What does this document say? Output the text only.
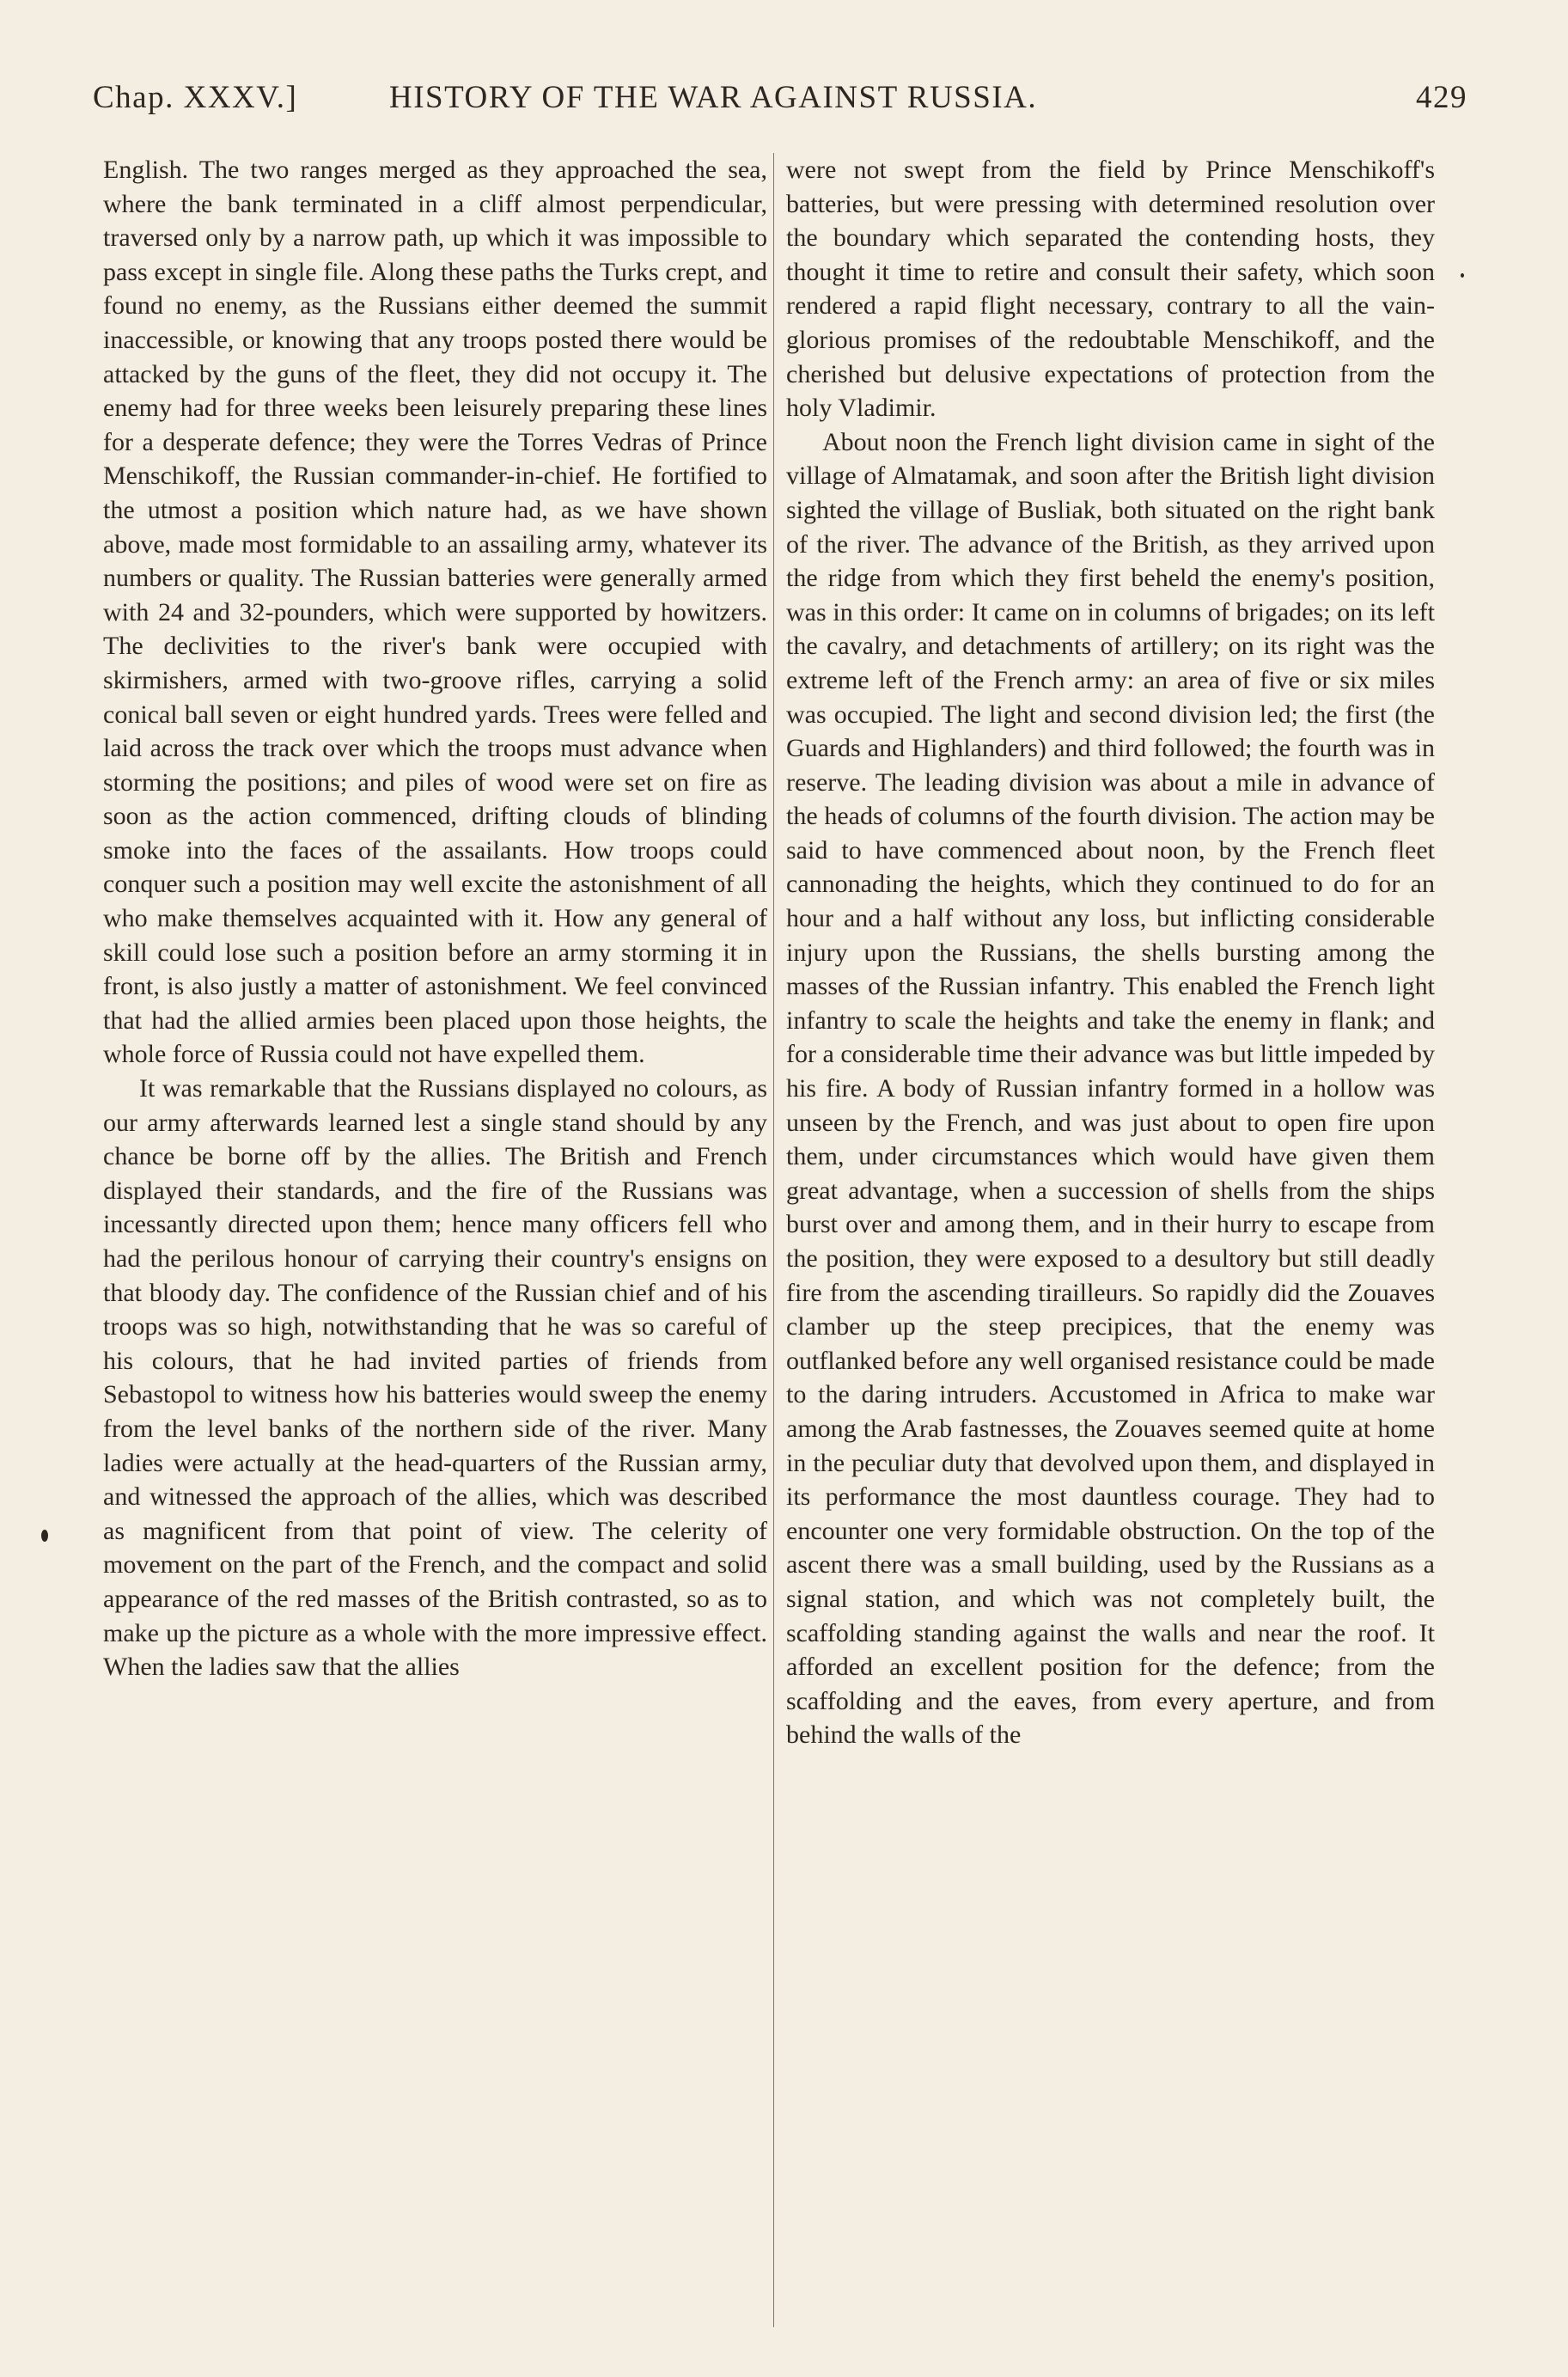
Chap. XXXV.]	HISTORY OF THE WAR AGAINST RUSSIA.	429

English. The two ranges merged as they approached the sea, where the bank terminated in a cliff almost perpendicular, traversed only by a narrow path, up which it was impossible to pass except in single file. Along these paths the Turks crept, and found no enemy, as the Russians either deemed the summit inaccessible, or knowing that any troops posted there would be attacked by the guns of the fleet, they did not occupy it. The enemy had for three weeks been leisurely preparing these lines for a desperate defence; they were the Torres Vedras of Prince Menschikoff, the Russian commander-in-chief. He fortified to the utmost a position which nature had, as we have shown above, made most formidable to an assailing army, whatever its numbers or quality. The Russian batteries were generally armed with 24 and 32-pounders, which were supported by howitzers. The declivities to the river's bank were occupied with skirmishers, armed with two-groove rifles, carrying a solid conical ball seven or eight hundred yards. Trees were felled and laid across the track over which the troops must advance when storming the positions; and piles of wood were set on fire as soon as the action commenced, drifting clouds of blinding smoke into the faces of the assailants. How troops could conquer such a position may well excite the astonishment of all who make themselves acquainted with it. How any general of skill could lose such a position before an army storming it in front, is also justly a matter of astonishment. We feel convinced that had the allied armies been placed upon those heights, the whole force of Russia could not have expelled them.

It was remarkable that the Russians displayed no colours, as our army afterwards learned lest a single stand should by any chance be borne off by the allies. The British and French displayed their standards, and the fire of the Russians was incessantly directed upon them; hence many officers fell who had the perilous honour of carrying their country's ensigns on that bloody day. The confidence of the Russian chief and of his troops was so high, notwithstanding that he was so careful of his colours, that he had invited parties of friends from Sebastopol to witness how his batteries would sweep the enemy from the level banks of the northern side of the river. Many ladies were actually at the head-quarters of the Russian army, and witnessed the approach of the allies, which was described as magnificent from that point of view. The celerity of movement on the part of the French, and the compact and solid appearance of the red masses of the British contrasted, so as to make up the picture as a whole with the more impressive effect. When the ladies saw that the allies

were not swept from the field by Prince Menschikoff's batteries, but were pressing with determined resolution over the boundary which separated the contending hosts, they thought it time to retire and consult their safety, which soon rendered a rapid flight necessary, contrary to all the vain-glorious promises of the redoubtable Menschikoff, and the cherished but delusive expectations of protection from the holy Vladimir.

About noon the French light division came in sight of the village of Almatamak, and soon after the British light division sighted the village of Busliak, both situated on the right bank of the river. The advance of the British, as they arrived upon the ridge from which they first beheld the enemy's position, was in this order: It came on in columns of brigades; on its left the cavalry, and detachments of artillery; on its right was the extreme left of the French army: an area of five or six miles was occupied. The light and second division led; the first (the Guards and Highlanders) and third followed; the fourth was in reserve. The leading division was about a mile in advance of the heads of columns of the fourth division. The action may be said to have commenced about noon, by the French fleet cannonading the heights, which they continued to do for an hour and a half without any loss, but inflicting considerable injury upon the Russians, the shells bursting among the masses of the Russian infantry. This enabled the French light infantry to scale the heights and take the enemy in flank; and for a considerable time their advance was but little impeded by his fire. A body of Russian infantry formed in a hollow was unseen by the French, and was just about to open fire upon them, under circumstances which would have given them great advantage, when a succession of shells from the ships burst over and among them, and in their hurry to escape from the position, they were exposed to a desultory but still deadly fire from the ascending tirailleurs. So rapidly did the Zouaves clamber up the steep precipices, that the enemy was outflanked before any well organised resistance could be made to the daring intruders. Accustomed in Africa to make war among the Arab fastnesses, the Zouaves seemed quite at home in the peculiar duty that devolved upon them, and displayed in its performance the most dauntless courage. They had to encounter one very formidable obstruction. On the top of the ascent there was a small building, used by the Russians as a signal station, and which was not completely built, the scaffolding standing against the walls and near the roof. It afforded an excellent position for the defence; from the scaffolding and the eaves, from every aperture, and from behind the walls of the
